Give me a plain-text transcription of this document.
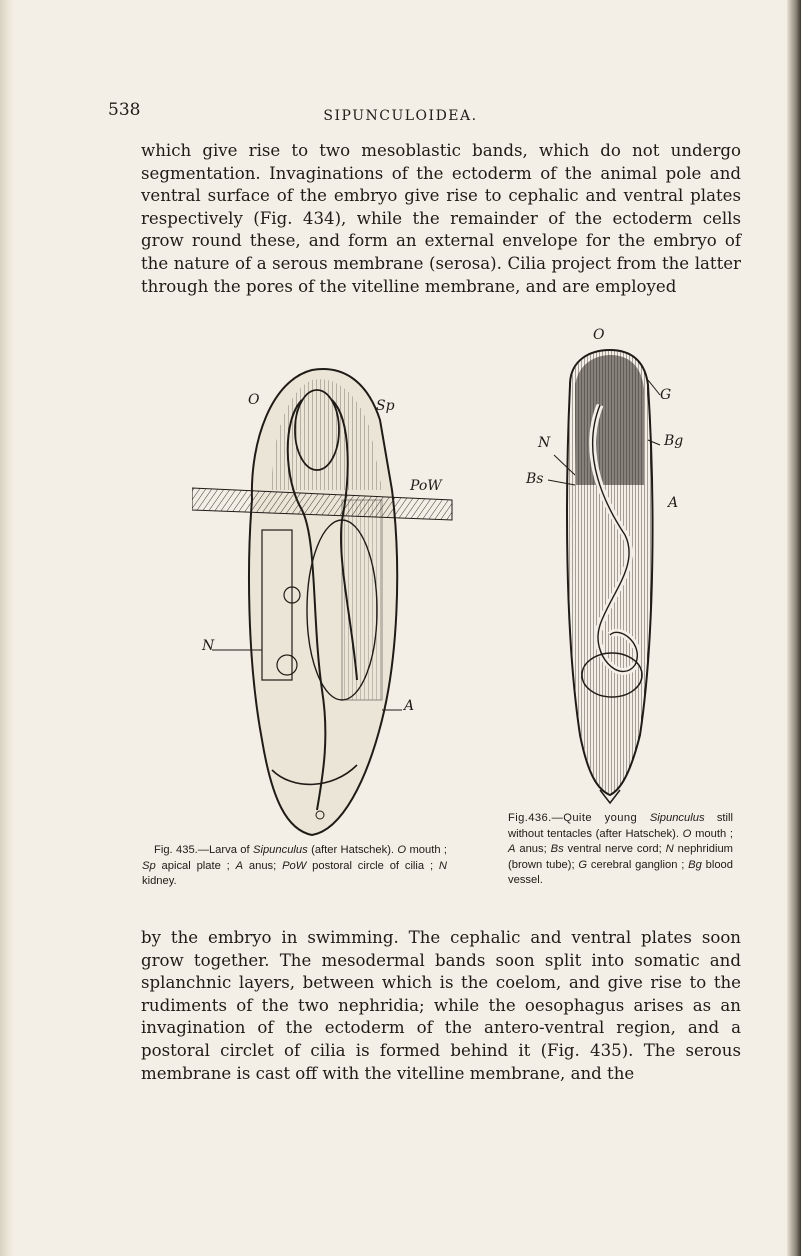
538	SIPUNCULOIDEA.

which give rise to two mesoblastic bands, which do not undergo segmentation. Invaginations of the ectoderm of the animal pole and ventral surface of the embryo give rise to cephalic and ventral plates respectively (Fig. 434), while the remainder of the ectoderm cells grow round these, and form an external envelope for the embryo of the nature of a serous membrane (serosa). Cilia project from the latter through the pores of the vitelline membrane, and are employed

O	Sp
PoW
N
A
O
G
N	Bg
Bs
A

Fig. 435.—Larva of Sipunculus (after Hatschek). O mouth ; Sp apical plate ; A anus; PoW postoral circle of cilia ; N kidney.

Fig.436.—Quite young Sipunculus still without tentacles (after Hatschek). O mouth ; A anus; Bs ventral nerve cord; N nephridium (brown tube); G cerebral ganglion ; Bg blood vessel.

by the embryo in swimming. The cephalic and ventral plates soon grow together. The mesodermal bands soon split into somatic and splanchnic layers, between which is the coelom, and give rise to the rudiments of the two nephridia; while the oesophagus arises as an invagination of the ectoderm of the antero-ventral region, and a postoral circlet of cilia is formed behind it (Fig. 435). The serous membrane is cast off with the vitelline membrane, and the
